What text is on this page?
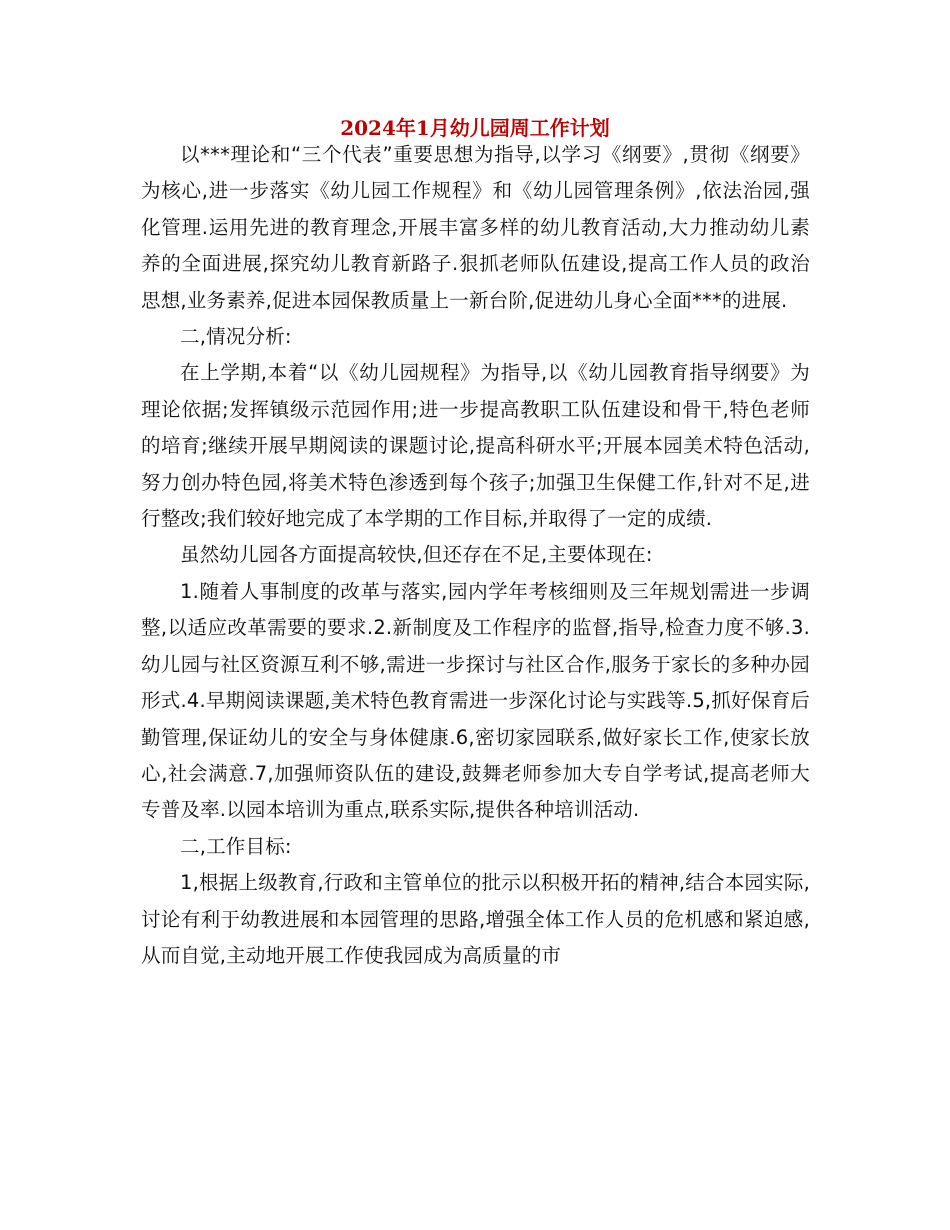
2024年1月幼儿园周工作计划

以***理论和“三个代表”重要思想为指导,以学习《纲要》,贯彻《纲要》为核心,进一步落实《幼儿园工作规程》和《幼儿园管理条例》,依法治园,强化管理.运用先进的教育理念,开展丰富多样的幼儿教育活动,大力推动幼儿素养的全面进展,探究幼儿教育新路子.狠抓老师队伍建设,提高工作人员的政治思想,业务素养,促进本园保教质量上一新台阶,促进幼儿身心全面***的进展.

二,情况分析:

在上学期,本着“以《幼儿园规程》为指导,以《幼儿园教育指导纲要》为理论依据;发挥镇级示范园作用;进一步提高教职工队伍建设和骨干,特色老师的培育;继续开展早期阅读的课题讨论,提高科研水平;开展本园美术特色活动,努力创办特色园,将美术特色渗透到每个孩子;加强卫生保健工作,针对不足,进行整改;我们较好地完成了本学期的工作目标,并取得了一定的成绩.

虽然幼儿园各方面提高较快,但还存在不足,主要体现在:

1.随着人事制度的改革与落实,园内学年考核细则及三年规划需进一步调整,以适应改革需要的要求.2.新制度及工作程序的监督,指导,检查力度不够.3.幼儿园与社区资源互利不够,需进一步探讨与社区合作,服务于家长的多种办园形式.4.早期阅读课题,美术特色教育需进一步深化讨论与实践等.5,抓好保育后勤管理,保证幼儿的安全与身体健康.6,密切家园联系,做好家长工作,使家长放心,社会满意.7,加强师资队伍的建设,鼓舞老师参加大专自学考试,提高老师大专普及率.以园本培训为重点,联系实际,提供各种培训活动.

二,工作目标:

1,根据上级教育,行政和主管单位的批示以积极开拓的精神,结合本园实际,讨论有利于幼教进展和本园管理的思路,增强全体工作人员的危机感和紧迫感,从而自觉,主动地开展工作使我园成为高质量的市
